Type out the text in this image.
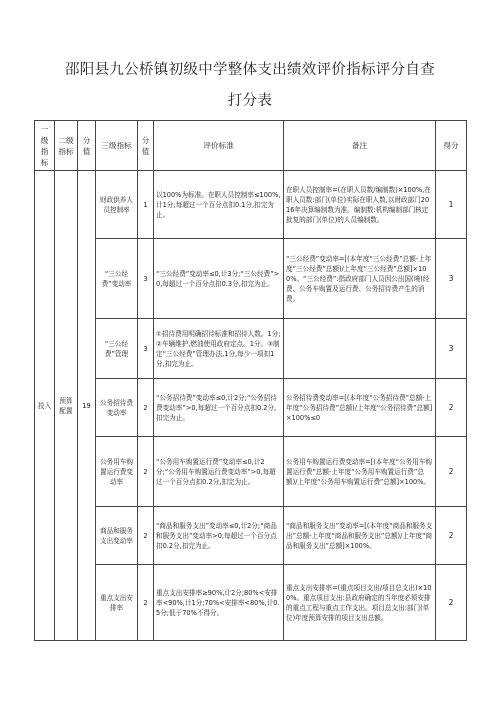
邵阳县九公桥镇初级中学整体支出绩效评价指标评分自查
打分表
一级指标	二级指标	分值	三级指标	分值	评价标准	备注	得分
投入	预算配置	19	财政供养人员控制率	1	以100%为标准。在职人员控制率≤100%,计1分;每超过一个百分点扣0.1分,扣完为止。	在职人员控制率=(在职人员数/编制数)×100%,在职人员数:部门(单位)实际在职人数,以财政部门2016年决算编制数为准。编制数:机构编制部门核定批复的部门(单位)的人员编制数。	1
			“三公经费”变动率	3	“三公经费”变动率≤0,计3分;“三公经费”>0,每超过一个百分点扣0.3分,扣完为止。	“三公经费”变动率=[(本年度“三公经费”总额-上年度“三公经费”总额)/上年度“三公经费”总额]×100%。“三公经费”:指政府部门人员因公出国(境)经费、公务车购置及运行费、公务招待费产生的消费。	3
			“三公经费”管理	3	①招待费用明确招待标准和招待人数。1分;②车辆维护,燃油使用政府定点。1分。③制定“三公经费”管理办法,1分,每少一项扣1分,扣完为止。		3
			公务招待费变动率	2	“公务招待费”变动率≤0,计2分;“公务招待费变动率”>0,每超过一个百分点扣0.2分,扣完为止。	公务招待费变动率=[(本年度“公务招待费”总额-上年度“公务招待费”总额)/上年度“公务招待费”总额]×100%≤0	2
			公务用车购置运行费变动率	2	“公务用车购置运行费”变动率≤0,计2分;“公务用车购置运行费变动率”>0,每超过一个百分点扣0.2分,扣完为止。	公务用车购置运行费变动率=[(本年度“公务用车购置运行费”总额-上年度“公务用车购置运行费”总额)/上年度“公务用车购置运行费”总额]×100%。	2
			商品和服务支出变动率	2	“商品和服务支出”变动率≤0,计2分;“商品和服务支出”变动率>0,每超过一个百分点扣0.2分,扣完为止。	“商品和服务支出”变动率=[(本年度“商品和服务支出”总额-上年度“商品和服务支出”总额)/上年度“商品和服务支出”总额]×100%。	2
			重点支出安排率	2	重点支出安排率≥90%,计2分;80%<安排率<90%,计1分;70%<安排率<80%,计0.5分;低于70%不得分。	重点支出安排率=(重点项目支出/项目总支出)×100%。重点项目支出:县政府确定的当年度必须安排的重点工程与重点工作支出。项目总支出:部门(单位)年度预算安排的项目支出总额。	2
